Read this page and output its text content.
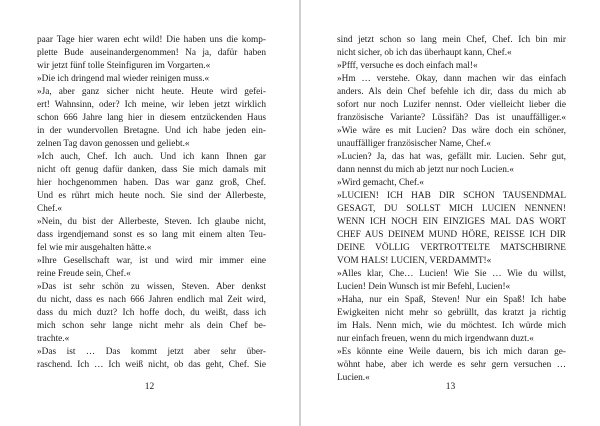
paar Tage hier waren echt wild! Die haben uns die komp-
plette Bude auseinandergenommen! Na ja, dafür haben
wir jetzt fünf tolle Steinfiguren im Vorgarten.«
»Die ich dringend mal wieder reinigen muss.«
»Ja, aber ganz sicher nicht heute. Heute wird gefei-
ert! Wahnsinn, oder? Ich meine, wir leben jetzt wirklich
schon 666 Jahre lang hier in diesem entzückenden Haus
in der wundervollen Bretagne. Und ich habe jeden ein-
zelnen Tag davon genossen und geliebt.«
»Ich auch, Chef. Ich auch. Und ich kann Ihnen gar
nicht oft genug dafür danken, dass Sie mich damals mit
hier hochgenommen haben. Das war ganz groß, Chef.
Und es rührt mich heute noch. Sie sind der Allerbeste,
Chef.«
»Nein, du bist der Allerbeste, Steven. Ich glaube nicht,
dass irgendjemand sonst es so lang mit einem alten Teu-
fel wie mir ausgehalten hätte.«
»Ihre Gesellschaft war, ist und wird mir immer eine
reine Freude sein, Chef.«
»Das ist sehr schön zu wissen, Steven. Aber denkst
du nicht, dass es nach 666 Jahren endlich mal Zeit wird,
dass du mich duzt? Ich hoffe doch, du weißt, dass ich
mich schon sehr lange nicht mehr als dein Chef be-
trachte.«
»Das ist … Das kommt jetzt aber sehr über-
raschend. Ich … Ich weiß nicht, ob das geht, Chef. Sie
12
sind jetzt schon so lang mein Chef, Chef. Ich bin mir
nicht sicher, ob ich das überhaupt kann, Chef.«
»Pfff, versuche es doch einfach mal!«
»Hm … verstehe. Okay, dann machen wir das einfach
anders. Als dein Chef befehle ich dir, dass du mich ab
sofort nur noch Luzifer nennst. Oder vielleicht lieber die
französische Variante? Lüssifäh? Das ist unauffälliger.«
»Wie wäre es mit Lucien? Das wäre doch ein schöner,
unauffälliger französischer Name, Chef.«
»Lucien? Ja, das hat was, gefällt mir. Lucien. Sehr gut,
dann nennst du mich ab jetzt nur noch Lucien.«
»Wird gemacht, Chef.«
»LUCIEN! ICH HAB DIR SCHON TAUSENDMAL
GESAGT, DU SOLLST MICH LUCIEN NENNEN!
WENN ICH NOCH EIN EINZIGES MAL DAS WORT
CHEF AUS DEINEM MUND HÖRE, REISSE ICH DIR
DEINE VÖLLIG VERTROTTELTE MATSCHBIRNE
VOM HALS! LUCIEN, VERDAMMT!«
»Alles klar, Che… Lucien! Wie Sie … Wie du willst,
Lucien! Dein Wunsch ist mir Befehl, Lucien!«
»Haha, nur ein Spaß, Steven! Nur ein Spaß! Ich habe
Ewigkeiten nicht mehr so gebrüllt, das kratzt ja richtig
im Hals. Nenn mich, wie du möchtest. Ich würde mich
nur einfach freuen, wenn du mich irgendwann duzt.«
»Es könnte eine Weile dauern, bis ich mich daran ge-
wöhnt habe, aber ich werde es sehr gern versuchen …
Lucien.«
13
